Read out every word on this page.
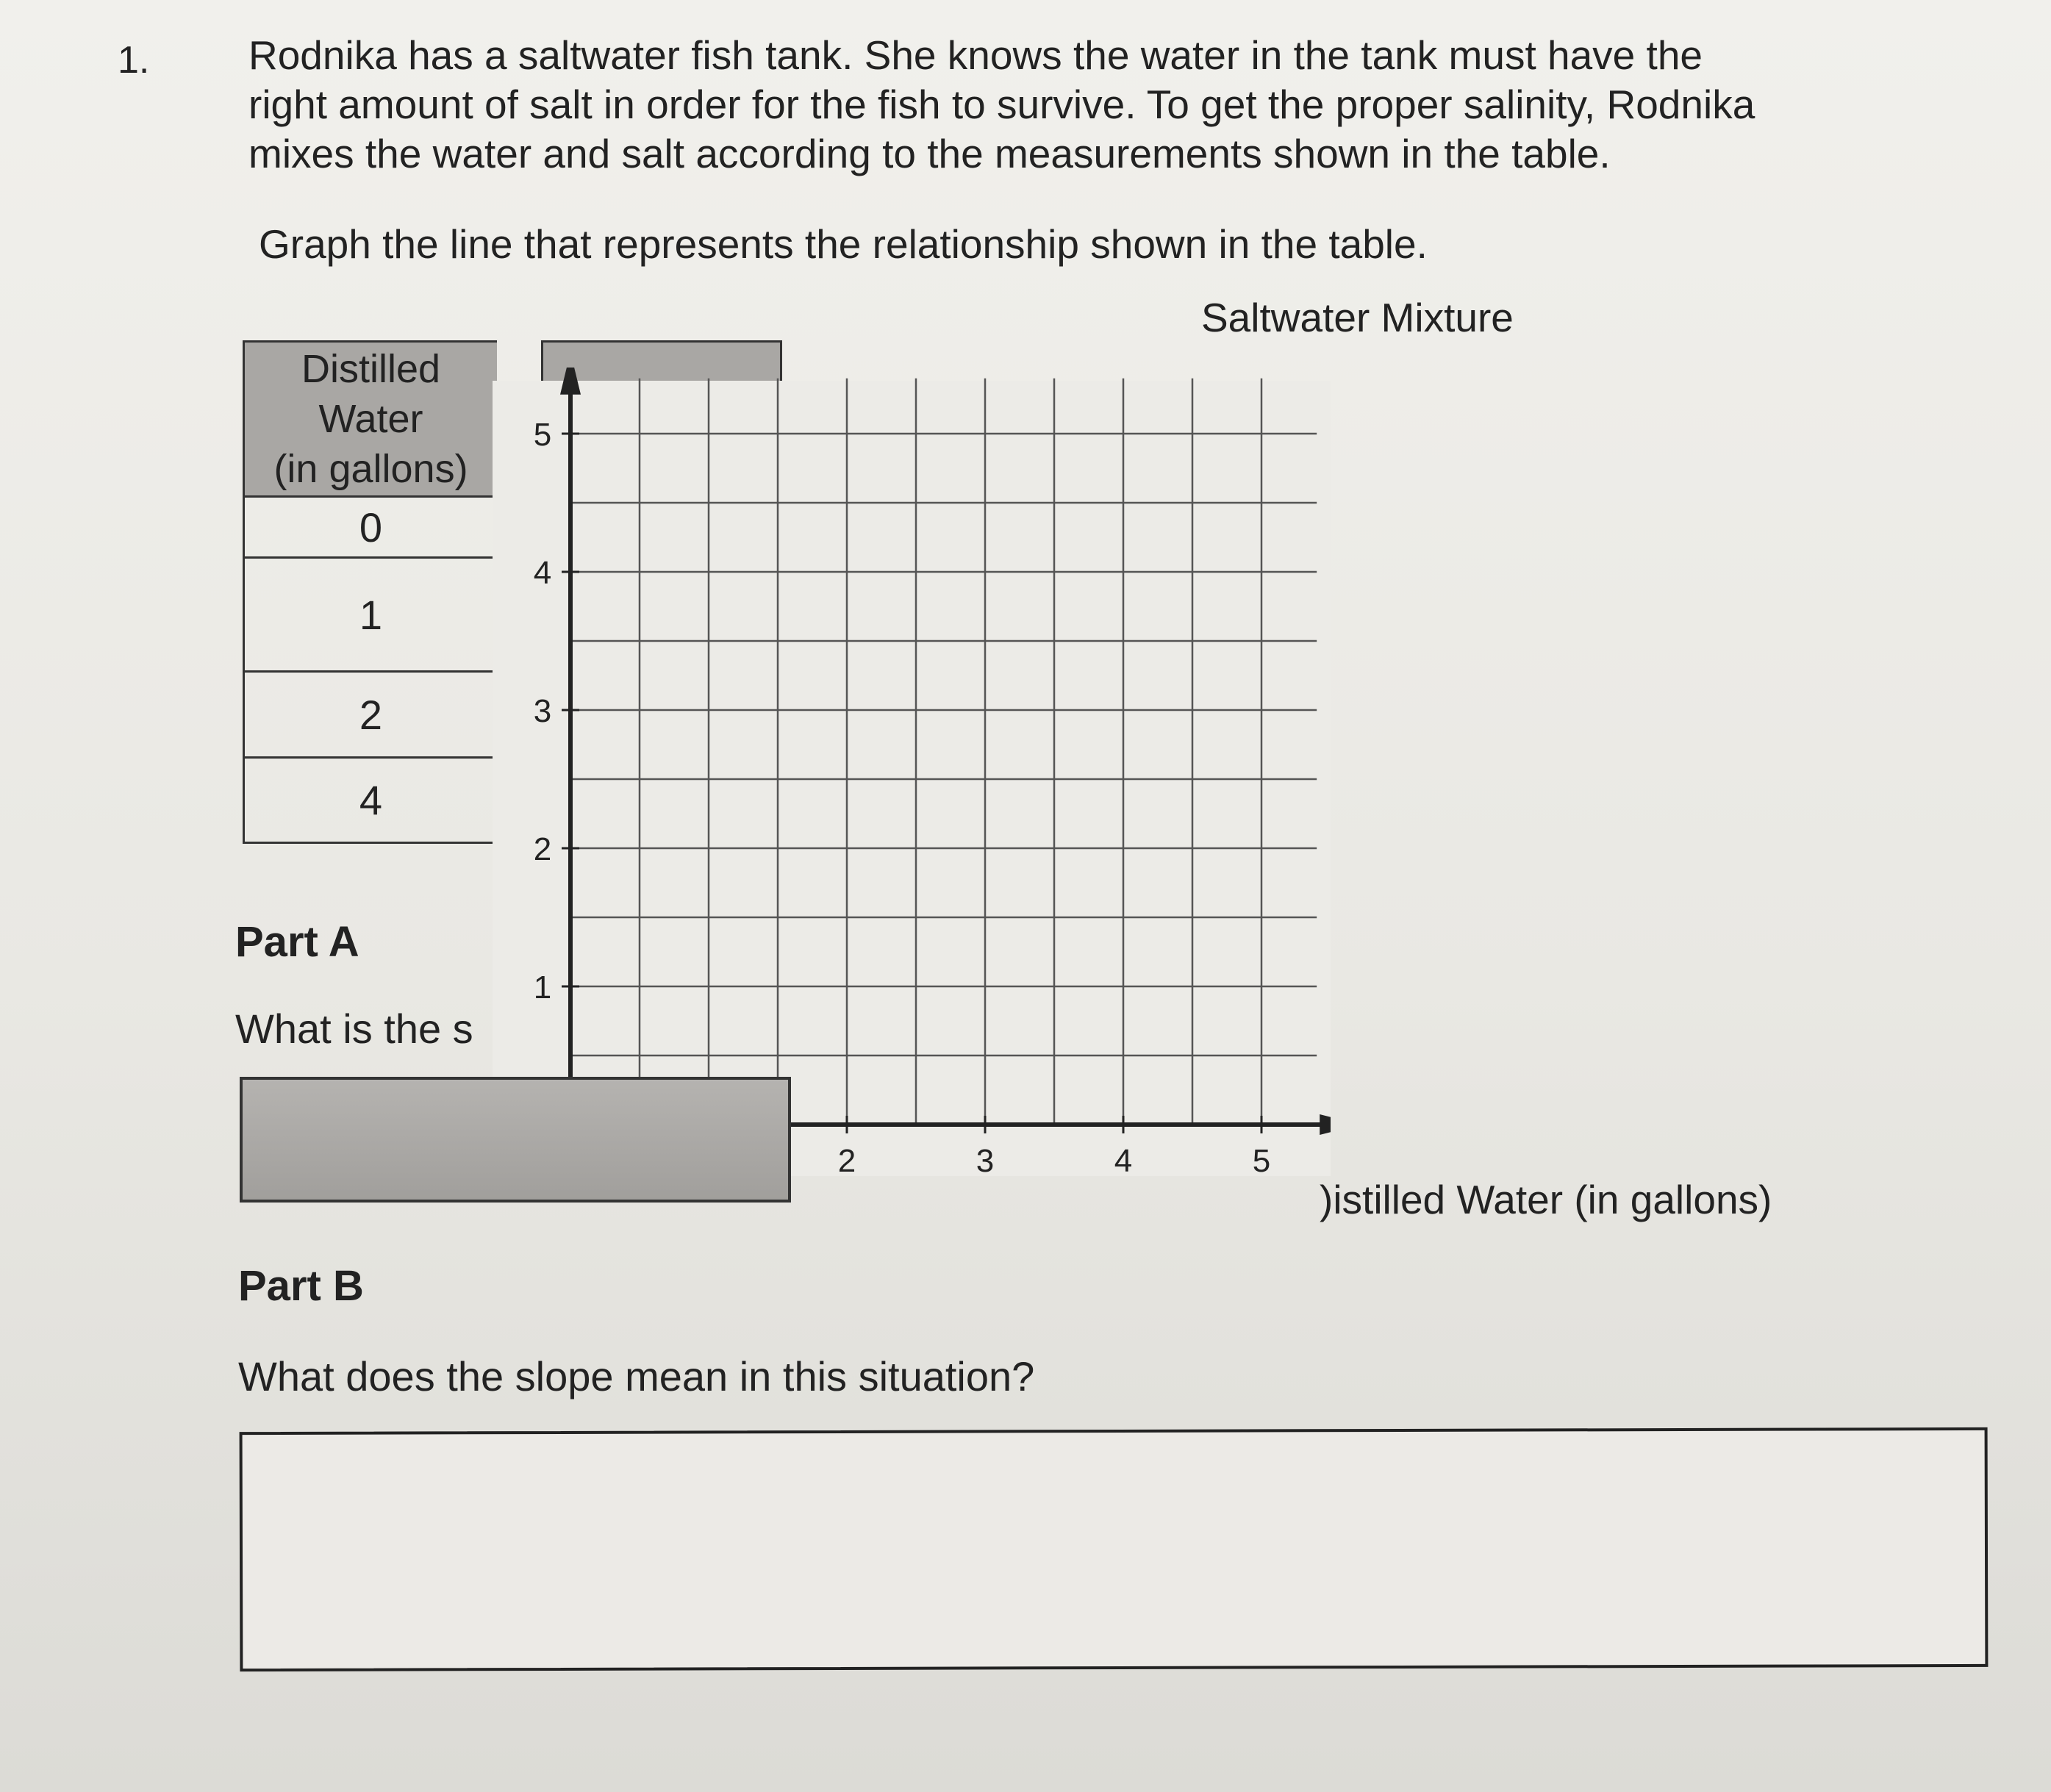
1. Rodnika has a saltwater fish tank. She knows the water in the tank must have the
right amount of salt in order for the fish to survive. To get the proper salinity, Rodnika
mixes the water and salt according to the measurements shown in the table.
Graph the line that represents the relationship shown in the table.
Saltwater Mixture
Distilled
Water
(in gallons)
0
1
2
4
5
4
3
2
1
2	3	4	5
Part A
What is the s
)istilled Water (in gallons)
Part B
What does the slope mean in this situation?
